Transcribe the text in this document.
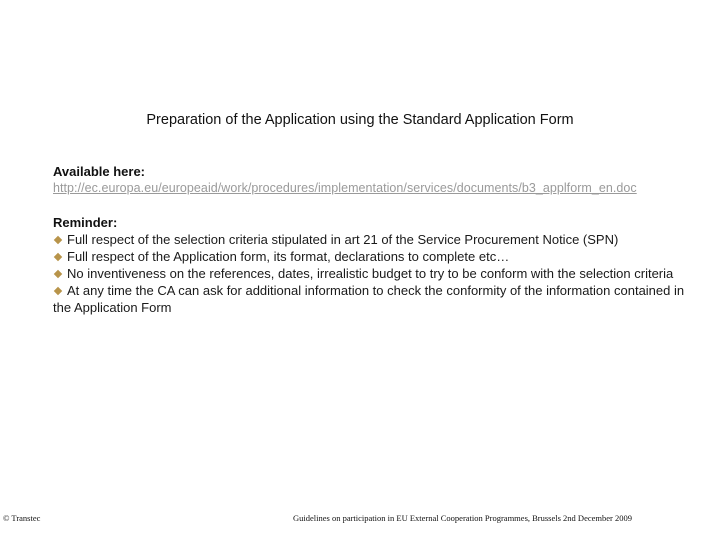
Preparation of the Application using the Standard Application Form
Available here:
http://ec.europa.eu/europeaid/work/procedures/implementation/services/documents/b3_applform_en.doc
Reminder:
Full respect of the selection criteria stipulated in art 21 of the Service Procurement Notice (SPN)
Full respect of the Application form, its format, declarations to complete etc…
No inventiveness on the references, dates, irrealistic budget to try to be conform with the selection criteria
At any time the CA can ask for additional information to check the conformity of the information contained in the Application Form
© Transtec	Guidelines on participation in EU External Cooperation Programmes, Brussels 2nd December 2009
